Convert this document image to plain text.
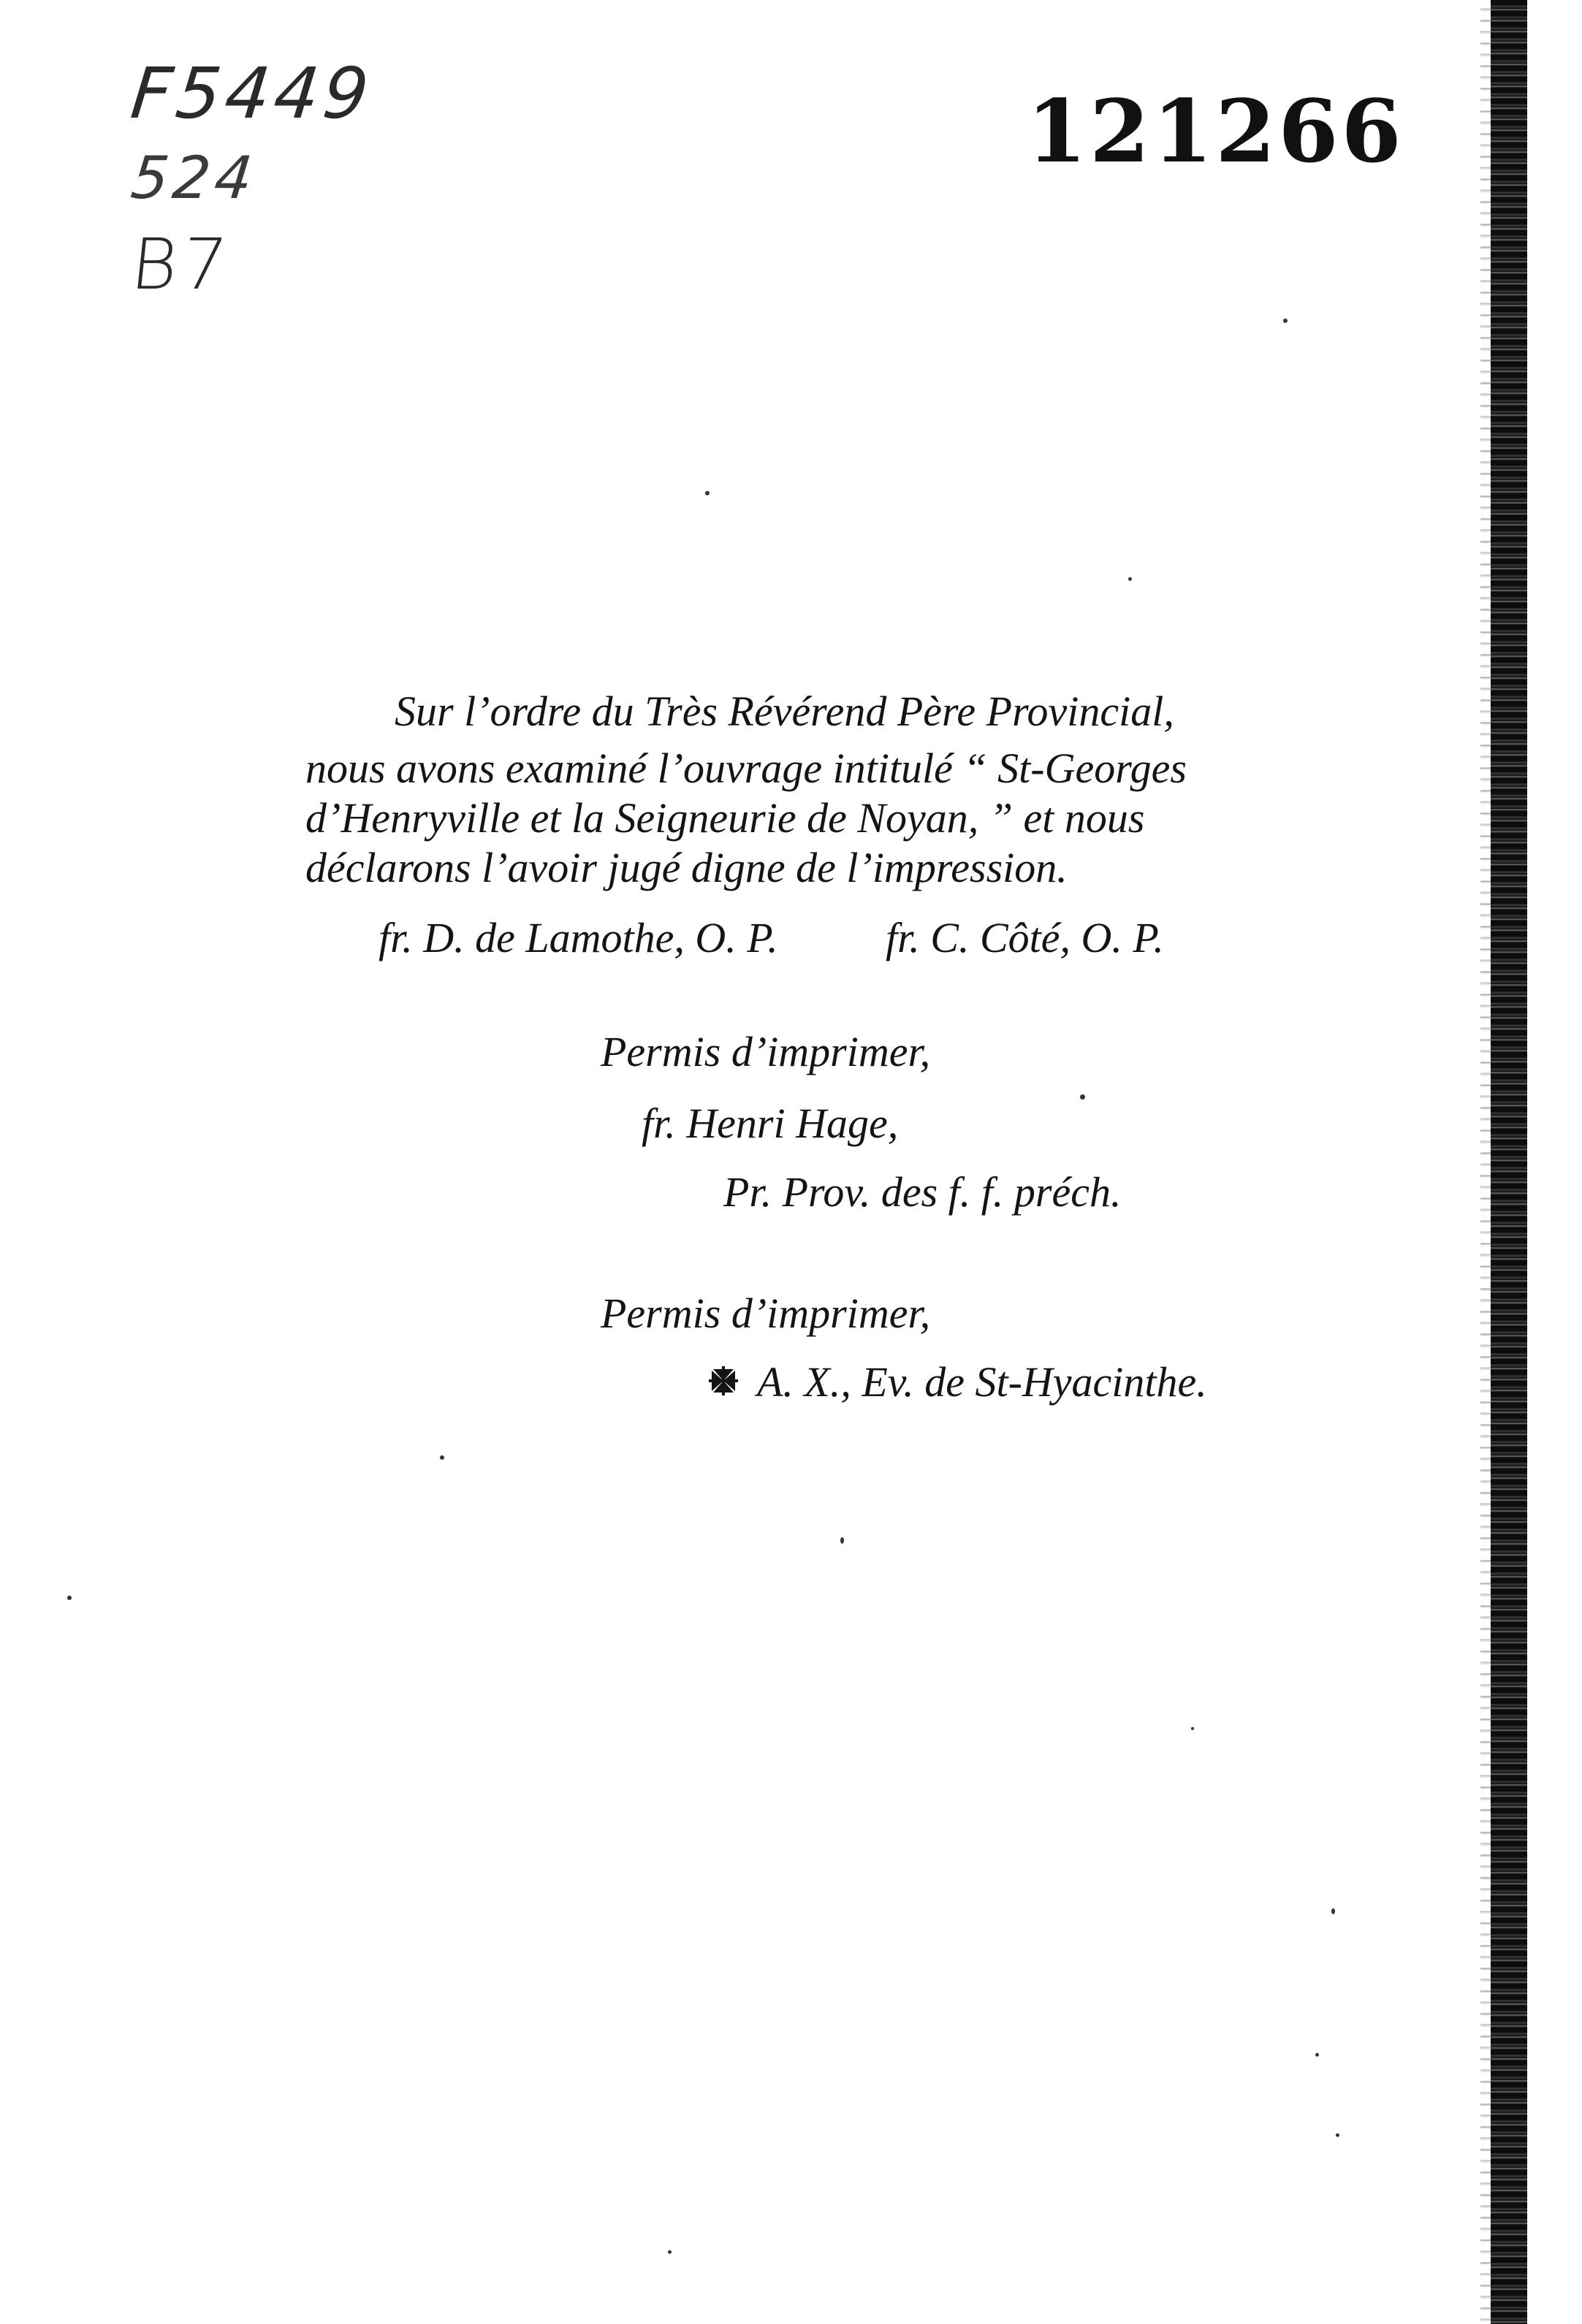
F5449
524
B7
121266
Sur l’ordre du Très Révérend Père Provincial,
nous avons examiné l’ouvrage intitulé “ St-Georges
d’Henryville et la Seigneurie de Noyan, ” et nous
déclarons l’avoir jugé digne de l’impression.
fr. D. de Lamothe, O. P.	fr. C. Côté, O. P.
Permis d’imprimer,
fr. Henri Hage,
Pr. Prov. des f. f. préch.
Permis d’imprimer,
A. X., Ev. de St-Hyacinthe.
